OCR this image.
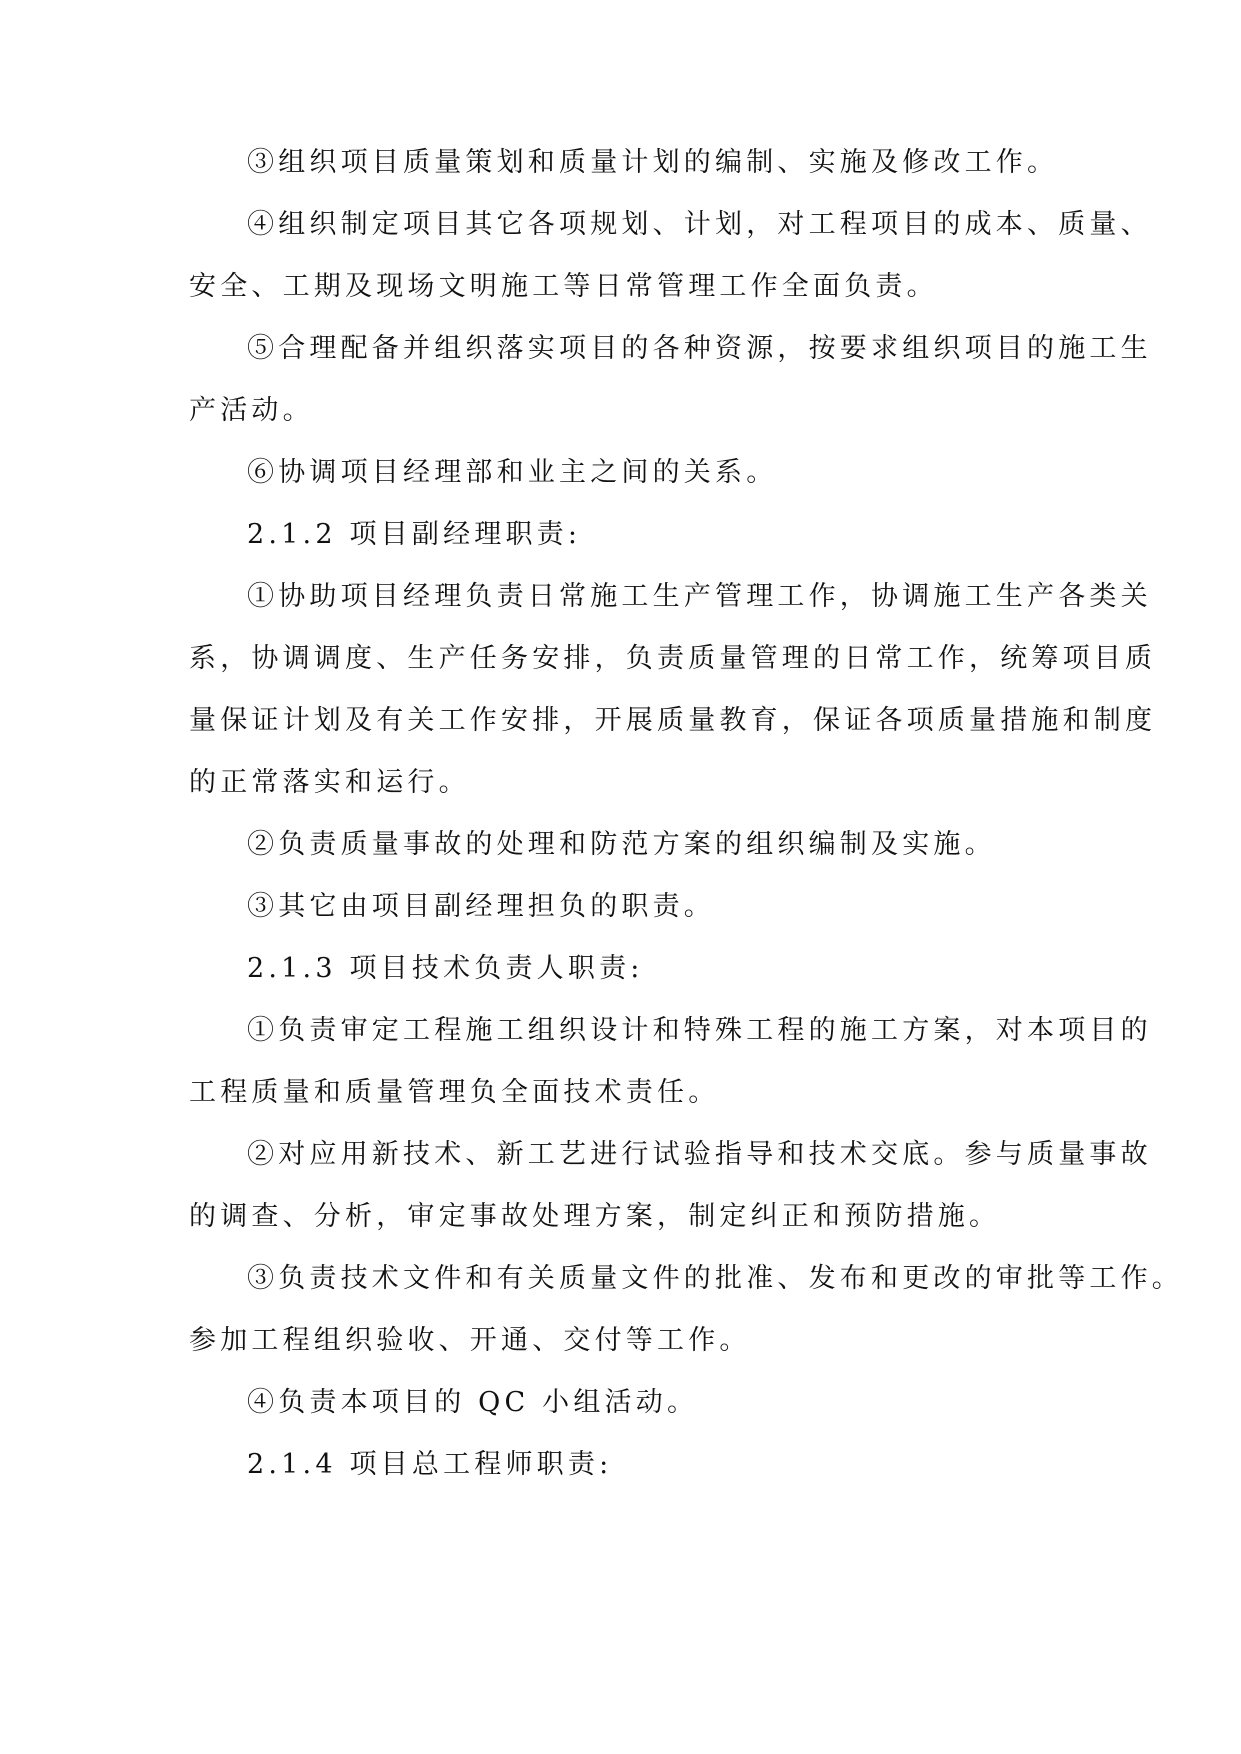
③组织项目质量策划和质量计划的编制、实施及修改工作。
④组织制定项目其它各项规划、计划，对工程项目的成本、质量、
安全、工期及现场文明施工等日常管理工作全面负责。
⑤合理配备并组织落实项目的各种资源，按要求组织项目的施工生
产活动。
⑥协调项目经理部和业主之间的关系。
2.1.2 项目副经理职责:
①协助项目经理负责日常施工生产管理工作，协调施工生产各类关
系，协调调度、生产任务安排，负责质量管理的日常工作，统筹项目质
量保证计划及有关工作安排，开展质量教育，保证各项质量措施和制度
的正常落实和运行。
②负责质量事故的处理和防范方案的组织编制及实施。
③其它由项目副经理担负的职责。
2.1.3 项目技术负责人职责:
①负责审定工程施工组织设计和特殊工程的施工方案，对本项目的
工程质量和质量管理负全面技术责任。
②对应用新技术、新工艺进行试验指导和技术交底。参与质量事故
的调查、分析，审定事故处理方案，制定纠正和预防措施。
③负责技术文件和有关质量文件的批准、发布和更改的审批等工作。
参加工程组织验收、开通、交付等工作。
④负责本项目的 QC 小组活动。
2.1.4 项目总工程师职责:
